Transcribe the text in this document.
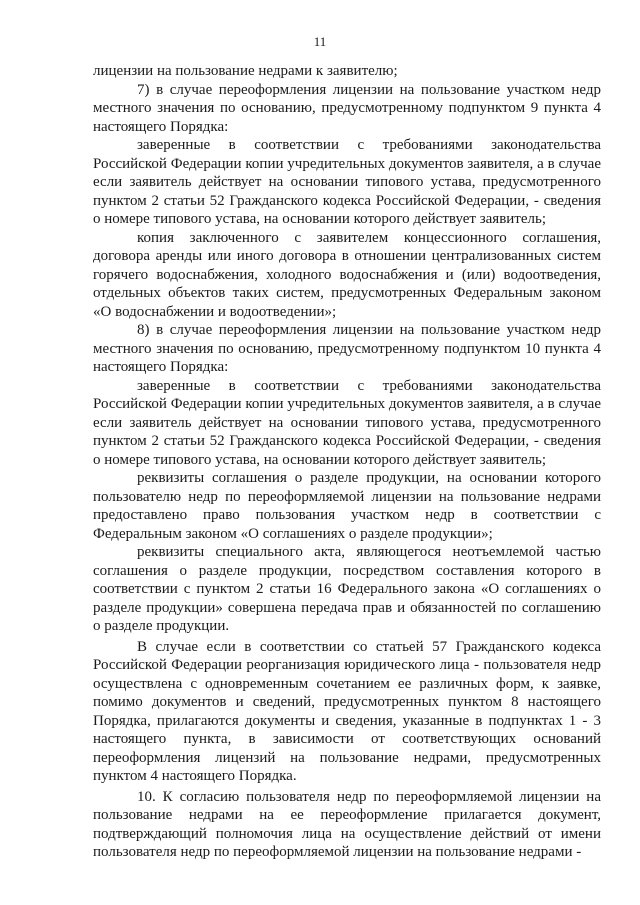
11

лицензии на пользование недрами к заявителю;

7) в случае переоформления лицензии на пользование участком недр местного значения по основанию, предусмотренному подпунктом 9 пункта 4 настоящего Порядка:

заверенные в соответствии с требованиями законодательства Российской Федерации копии учредительных документов заявителя, а в случае если заявитель действует на основании типового устава, предусмотренного пунктом 2 статьи 52 Гражданского кодекса Российской Федерации, - сведения о номере типового устава, на основании которого действует заявитель;

копия заключенного с заявителем концессионного соглашения, договора аренды или иного договора в отношении централизованных систем горячего водоснабжения, холодного водоснабжения и (или) водоотведения, отдельных объектов таких систем, предусмотренных Федеральным законом «О водоснабжении и водоотведении»;

8) в случае переоформления лицензии на пользование участком недр местного значения по основанию, предусмотренному подпунктом 10 пункта 4 настоящего Порядка:

заверенные в соответствии с требованиями законодательства Российской Федерации копии учредительных документов заявителя, а в случае если заявитель действует на основании типового устава, предусмотренного пунктом 2 статьи 52 Гражданского кодекса Российской Федерации, - сведения о номере типового устава, на основании которого действует заявитель;

реквизиты соглашения о разделе продукции, на основании которого пользователю недр по переоформляемой лицензии на пользование недрами предоставлено право пользования участком недр в соответствии с Федеральным законом «О соглашениях о разделе продукции»;

реквизиты специального акта, являющегося неотъемлемой частью соглашения о разделе продукции, посредством составления которого в соответствии с пунктом 2 статьи 16 Федерального закона «О соглашениях о разделе продукции» совершена передача прав и обязанностей по соглашению о разделе продукции.

В случае если в соответствии со статьей 57 Гражданского кодекса Российской Федерации реорганизация юридического лица - пользователя недр осуществлена с одновременным сочетанием ее различных форм, к заявке, помимо документов и сведений, предусмотренных пунктом 8 настоящего Порядка, прилагаются документы и сведения, указанные в подпунктах 1 - 3 настоящего пункта, в зависимости от соответствующих оснований переоформления лицензий на пользование недрами, предусмотренных пунктом 4 настоящего Порядка.

10. К согласию пользователя недр по переоформляемой лицензии на пользование недрами на ее переоформление прилагается документ, подтверждающий полномочия лица на осуществление действий от имени пользователя недр по переоформляемой лицензии на пользование недрами -
